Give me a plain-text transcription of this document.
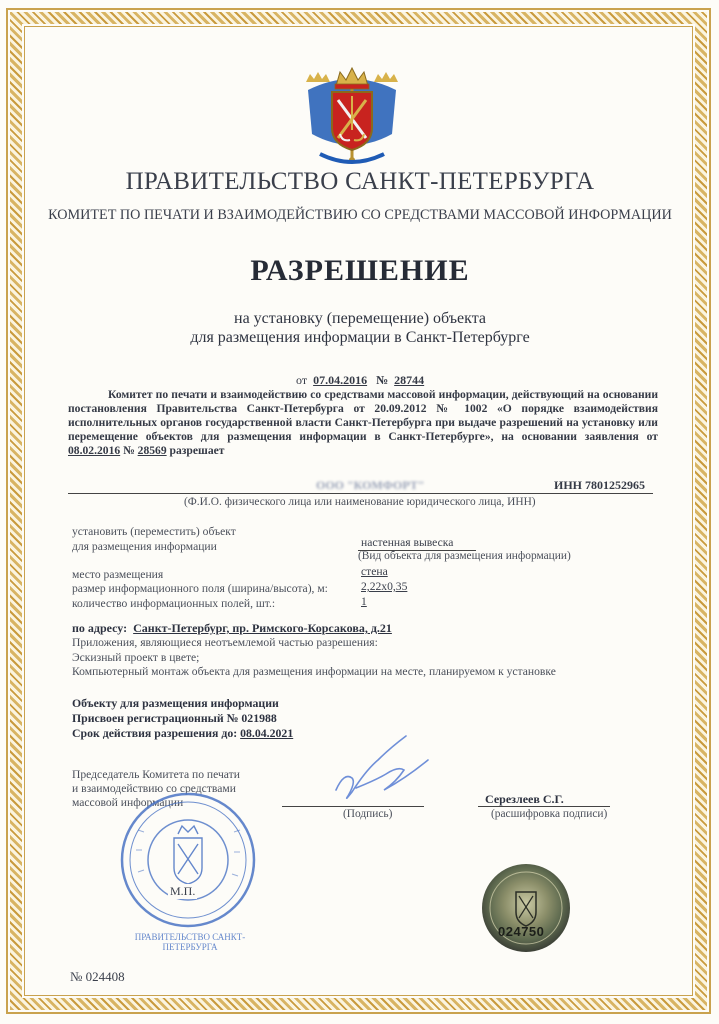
ПРАВИТЕЛЬСТВО САНКТ-ПЕТЕРБУРГА
КОМИТЕТ ПО ПЕЧАТИ И ВЗАИМОДЕЙСТВИЮ СО СРЕДСТВАМИ МАССОВОЙ ИНФОРМАЦИИ
РАЗРЕШЕНИЕ
на установку (перемещение) объекта
для размещения информации в Санкт-Петербурге
от 07.04.2016 № 28744
Комитет по печати и взаимодействию со средствами массовой информации, действующий на основании постановления Правительства Санкт-Петербурга от 20.09.2012 № 1002 «О порядке взаимодействия исполнительных органов государственной власти Санкт-Петербурга при выдаче разрешений на установку или перемещение объектов для размещения информации в Санкт-Петербурге», на основании заявления от 08.02.2016 № 28569 разрешает
ООО "КОМФОРТ"	ИНН 7801252965
(Ф.И.О. физического лица или наименование юридического лица, ИНН)
установить (переместить) объект
для размещения информации	настенная вывеска
(Вид объекта для размещения информации)
место размещения	стена
размер информационного поля (ширина/высота), м:	2,22x0,35
количество информационных полей, шт.:	1
по адресу: Санкт-Петербург, пр. Римского-Корсакова, д.21
Приложения, являющиеся неотъемлемой частью разрешения:
Эскизный проект в цвете;
Компьютерный монтаж объекта для размещения информации на месте, планируемом к установке
Объекту для размещения информации
Присвоен регистрационный № 021988
Срок действия разрешения до: 08.04.2021
Председатель Комитета по печати
и взаимодействию со средствами
массовой информации
(Подпись)
Серезлеев С.Г.
(расшифровка подписи)
М.П.
ПРАВИТЕЛЬСТВО САНКТ-ПЕТЕРБУРГА
024750
№ 024408
